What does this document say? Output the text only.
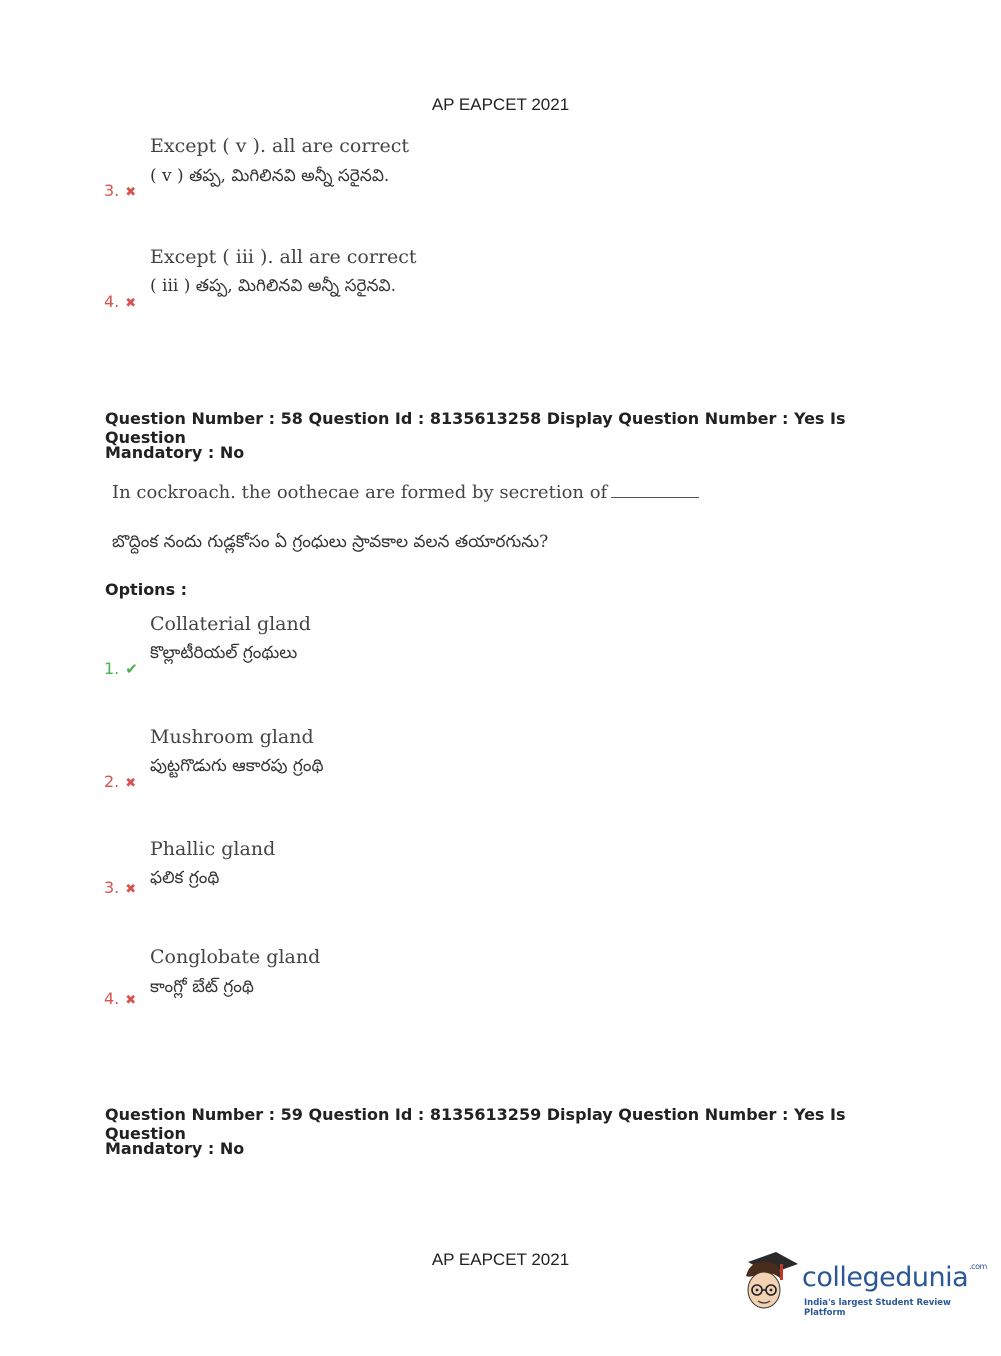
AP EAPCET 2021
Except ( v ). all are correct
( v ) తప్ప, మిగిలినవి అన్నీ సరైనవి.
3. ✖
Except ( iii ). all are correct
( iii ) తప్ప, మిగిలినవి అన్నీ సరైనవి.
4. ✖
Question Number : 58 Question Id : 8135613258 Display Question Number : Yes Is Question
Mandatory : No
In cockroach. the oothecae are formed by secretion of
బొద్దింక నందు గుడ్లకోసం ఏ గ్రంధులు స్రావకాల వలన తయారగును?
Options :
Collaterial gland
కొల్లాటీరియల్ గ్రంథులు
1. ✔
Mushroom gland
పుట్టగొడుగు ఆకారపు గ్రంథి
2. ✖
Phallic gland
ఫలిక గ్రంథి
3. ✖
Conglobate gland
కాంగ్లో బేట్ గ్రంథి
4. ✖
Question Number : 59 Question Id : 8135613259 Display Question Number : Yes Is Question
Mandatory : No
AP EAPCET 2021
collegedunia$^{.com}$
India's largest Student Review Platform
